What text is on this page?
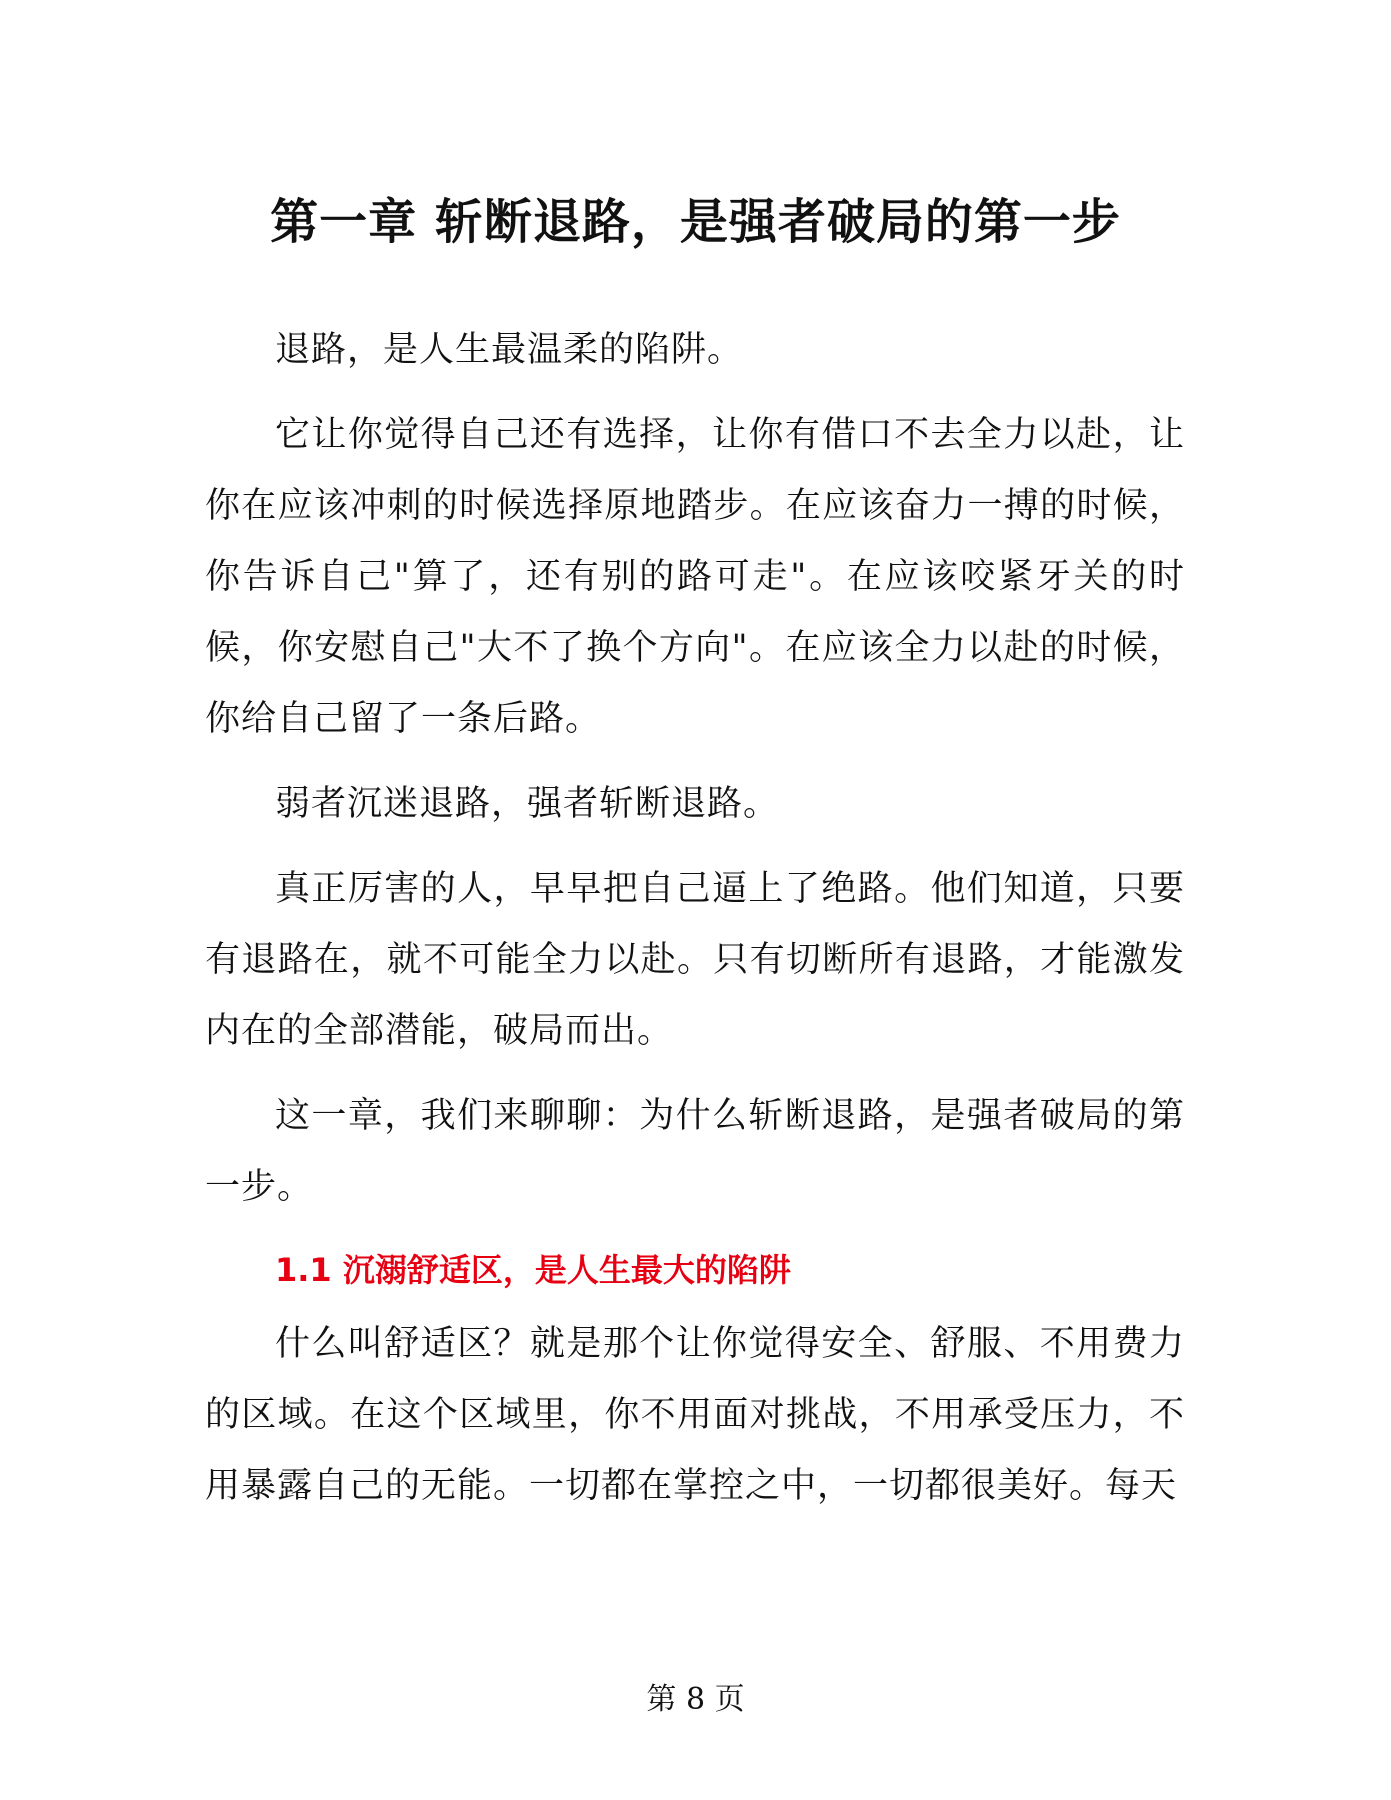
第一章 斩断退路，是强者破局的第一步

退路，是人生最温柔的陷阱。

它让你觉得自己还有选择，让你有借口不去全力以赴，让你在应该冲刺的时候选择原地踏步。在应该奋力一搏的时候，你告诉自己"算了，还有别的路可走"。在应该咬紧牙关的时候，你安慰自己"大不了换个方向"。在应该全力以赴的时候，你给自己留了一条后路。

弱者沉迷退路，强者斩断退路。

真正厉害的人，早早把自己逼上了绝路。他们知道，只要有退路在，就不可能全力以赴。只有切断所有退路，才能激发内在的全部潜能，破局而出。

这一章，我们来聊聊：为什么斩断退路，是强者破局的第一步。

1.1 沉溺舒适区，是人生最大的陷阱

什么叫舒适区？就是那个让你觉得安全、舒服、不用费力的区域。在这个区域里，你不用面对挑战，不用承受压力，不用暴露自己的无能。一切都在掌控之中，一切都很美好。每天

第 8 页
